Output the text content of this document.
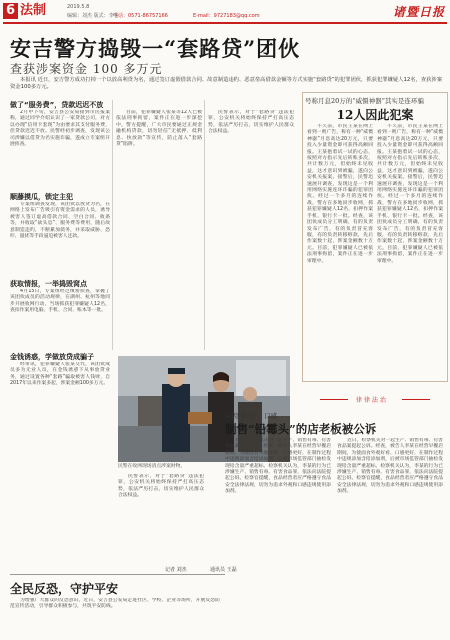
6 法制	2019.5.8
编辑：刘杰 版式：李华
电话：0571-86757166	E-mail：9727183@qq.com	诸暨日报
安吉警方捣毁一“套路贷”团伙
查获涉案资金 100 多万元
本报讯 近日，安吉警方成功打掉一个以放高利贷为名，通过签订虚假借款合同、故意制造违约、恶意垒高借款金额等方式实施“套路贷”的犯罪团伙，抓获犯罪嫌疑人12名，查获涉案资金100多万元。
做了“服务费”，贷款迟迟不放

2月中下旬，安吉县公安局接到市民报案称，通过同学介绍认识了一家贷款公司，对方以办理“信用卡套现”为由要求其支付服务费，但贷款迟迟不放。民警经初步调查，发现该公司涉嫌以借贷为名实施诈骗，遂成立专案组开展侦查。

顺藤摸瓜，锁定主犯

专案组调查发现，该团伙以放贷为名，在网络上发布广告吸引有资金需求的人员，诱导被害人签订虚高借款合同、空白合同、收条等，并收取“砍头息”、服务费等费用，随后故意制造违约，不断累加债务，并采取威胁、恐吓、滋扰等手段逼迫被害人还款。

获取情报，一举捣毁窝点

4月15日，专案组经过缜密侦查，掌握了该团伙成员的活动规律，在湖州、杭州等地同步开展收网行动，当场抓获犯罪嫌疑人12名，查扣作案用电脑、手机、合同、账本等一批。

金钱诱惑，学做放贷成骗子

经审讯，犯罪嫌疑人张某交代，该团伙成员多为无业人员，在金钱诱惑下从事放贷业务，通过设置各种“套路”骗取被害人钱财，自2017年以来作案多起，涉案金额100多万元。

目前，犯罪嫌疑人张某等12人已被依法刑事拘留，案件正在进一步深挖中。警方提醒，广大市民要通过正规金融机构贷款，切勿轻信“无抵押、低利息、快放款”等宣传，防止落入“套路贷”陷阱。

民警表示，对于“套路贷”违法犯罪，公安机关将始终保持严打高压态势，依法严厉打击，切实维护人民群众合法权益。

民警在收网现场清点涉案财物。

民警表示，对于“套路贷”违法犯罪，公安机关将始终保持严打高压态势，依法严厉打击，切实维护人民群众合法权益。

记者 刘杰	通讯员 王磊
号称月息20万的“威慑神器”其实是连环骗
12人因此犯案

不久前，市民王某在网上看到一则广告，称有一种“威慑神器”月息高达20万元，只要投入少量资金即可获得高额回报。王某抱着试一试的心态，按照对方指示先后转账多次，共计数万元，但始终未见收益，这才意识到被骗，遂向公安机关报案。接警后，民警迅速展开调查，发现这是一个利用网络实施连环诈骗的犯罪团伙。经过一个多月的连续作战，警方在多地同步收网，抓获犯罪嫌疑人12名，扣押作案手机、银行卡一批。经查，该团伙成员分工明确，有的负责发布广告，有的负责冒充客服，有的负责转移赃款，先后作案数十起，涉案金额数十万元。目前，犯罪嫌疑人已被依法刑事拘留，案件正在进一步审理中。

不久前，市民王某在网上看到一则广告，称有一种“威慑神器”月息高达20万元，只要投入少量资金即可获得高额回报。王某抱着试一试的心态，按照对方指示先后转账多次，共计数万元，但始终未见收益，这才意识到被骗，遂向公安机关报案。接警后，民警迅速展开调查，发现这是一个利用网络实施连环诈骗的犯罪团伙。经过一个多月的连续作战，警方在多地同步收网，抓获犯罪嫌疑人12名，扣押作案手机、银行卡一批。经查，该团伙成员分工明确，有的负责发布广告，有的负责冒充客服，有的负责转移赃款，先后作案数十起，涉案金额数十万元。目前，犯罪嫌疑人已被依法刑事拘留，案件正在进一步审理中。

律律法治
只因“颜值”、口感
制售“铅霉头”的店老板被公诉

近日，检察机关对一起生产、销售有毒、有害食品案提起公诉。经查，被告人李某在经营早餐店期间，为使面食外观好看、口感更好，在制作过程中违规添加含铅添加剂，后被市场监管部门抽检发现铅含量严重超标。检察机关认为，李某的行为已涉嫌生产、销售有毒、有害食品罪，依法向法院提起公诉。检察官提醒，食品经营者应严格遵守食品安全法律法规，切勿为追求外观和口感违规使用添加剂。

近日，检察机关对一起生产、销售有毒、有害食品案提起公诉。经查，被告人李某在经营早餐店期间，为使面食外观好看、口感更好，在制作过程中违规添加含铅添加剂，后被市场监管部门抽检发现铅含量严重超标。检察机关认为，李某的行为已涉嫌生产、销售有毒、有害食品罪，依法向法院提起公诉。检察官提醒，食品经营者应严格遵守食品安全法律法规，切勿为追求外观和口感违规使用添加剂。

全民反恐，守护平安

为增强广大群众的反恐意识，近日，安吉县公安局走进社区、学校、企业等场所，开展反恐防范宣传活动，引导群众积极参与，共筑平安防线。
